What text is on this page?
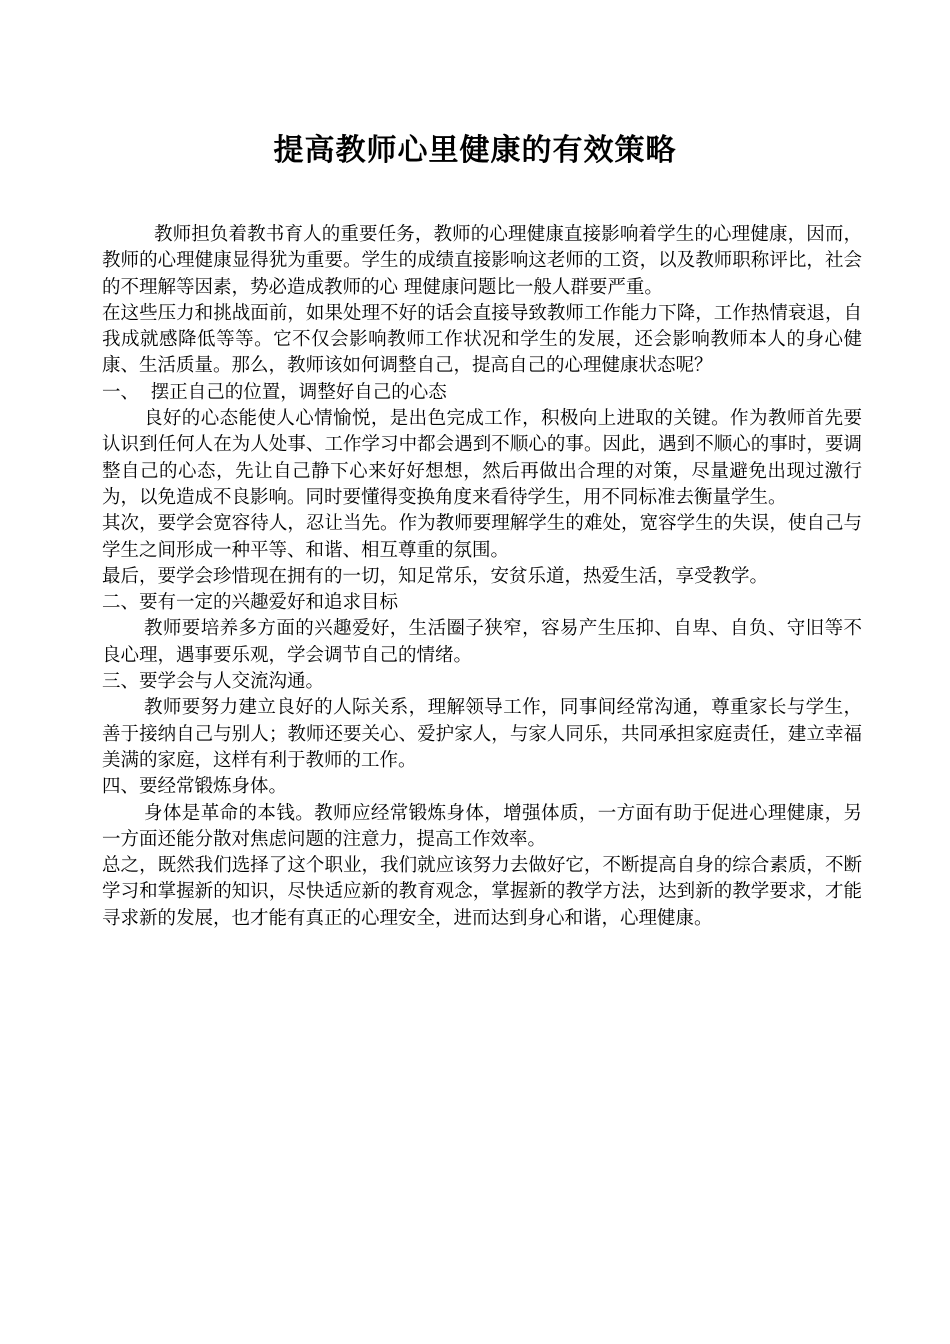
提高教师心里健康的有效策略

教师担负着教书育人的重要任务，教师的心理健康直接影响着学生的心理健康，因而，教师的心理健康显得犹为重要。学生的成绩直接影响这老师的工资，以及教师职称评比，社会的不理解等因素，势必造成教师的心 理健康问题比一般人群要严重。

在这些压力和挑战面前，如果处理不好的话会直接导致教师工作能力下降，工作热情衰退，自我成就感降低等等。它不仅会影响教师工作状况和学生的发展，还会影响教师本人的身心健康、生活质量。那么，教师该如何调整自己，提高自己的心理健康状态呢？

一、  摆正自己的位置，调整好自己的心态

良好的心态能使人心情愉悦，是出色完成工作，积极向上进取的关键。作为教师首先要认识到任何人在为人处事、工作学习中都会遇到不顺心的事。因此，遇到不顺心的事时，要调整自己的心态，先让自己静下心来好好想想，然后再做出合理的对策，尽量避免出现过激行为，以免造成不良影响。同时要懂得变换角度来看待学生，用不同标准去衡量学生。

其次，要学会宽容待人，忍让当先。作为教师要理解学生的难处，宽容学生的失误，使自己与学生之间形成一种平等、和谐、相互尊重的氛围。

最后，要学会珍惜现在拥有的一切，知足常乐，安贫乐道，热爱生活，享受教学。

二、要有一定的兴趣爱好和追求目标

教师要培养多方面的兴趣爱好，生活圈子狭窄，容易产生压抑、自卑、自负、守旧等不良心理，遇事要乐观，学会调节自己的情绪。

三、要学会与人交流沟通。

教师要努力建立良好的人际关系，理解领导工作，同事间经常沟通，尊重家长与学生，善于接纳自己与别人；教师还要关心、爱护家人，与家人同乐，共同承担家庭责任，建立幸福美满的家庭，这样有利于教师的工作。

四、要经常锻炼身体。

身体是革命的本钱。教师应经常锻炼身体，增强体质，一方面有助于促进心理健康，另一方面还能分散对焦虑问题的注意力，提高工作效率。

总之，既然我们选择了这个职业，我们就应该努力去做好它，不断提高自身的综合素质，不断学习和掌握新的知识，尽快适应新的教育观念，掌握新的教学方法，达到新的教学要求，才能寻求新的发展，也才能有真正的心理安全，进而达到身心和谐，心理健康。
